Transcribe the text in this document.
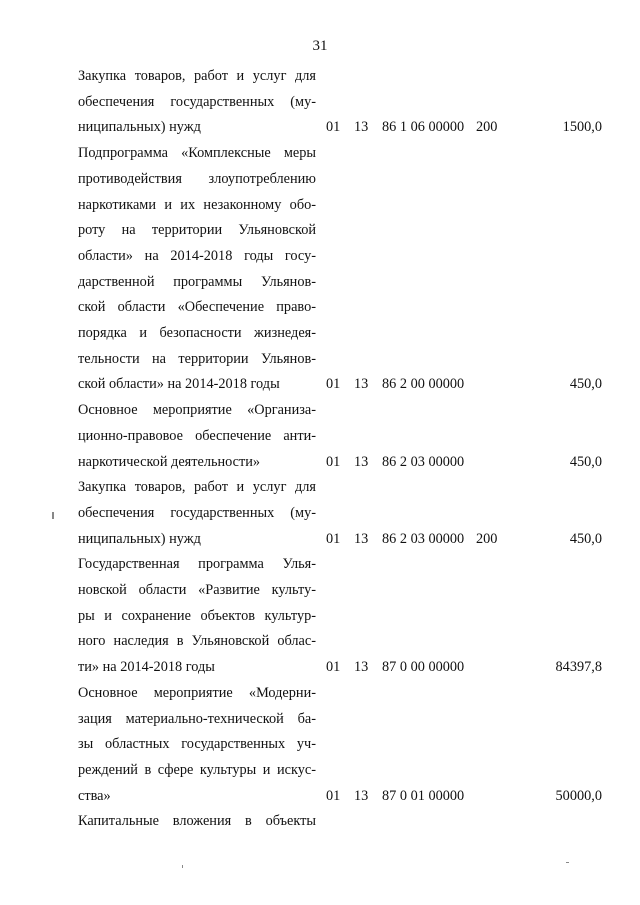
31
Закупка товаров, работ и услуг для
обеспечения государственных (му-
ниципальных) нужд	01 13 86 1 06 00000 200	1500,0
Подпрограмма «Комплексные меры
противодействия злоупотреблению
наркотиками и их незаконному обо-
роту на территории Ульяновской
области» на 2014-2018 годы госу-
дарственной программы Ульянов-
ской области «Обеспечение право-
порядка и безопасности жизнедея-
тельности на территории Ульянов-
ской области» на 2014-2018 годы	01 13 86 2 00 00000	450,0
Основное мероприятие «Организа-
ционно-правовое обеспечение анти-
наркотической деятельности»	01 13 86 2 03 00000	450,0
Закупка товаров, работ и услуг для
обеспечения государственных (му-
ниципальных) нужд	01 13 86 2 03 00000 200	450,0
Государственная программа Улья-
новской области «Развитие культу-
ры и сохранение объектов культур-
ного наследия в Ульяновской облас-
ти» на 2014-2018 годы	01 13 87 0 00 00000	84397,8
Основное мероприятие «Модерни-
зация материально-технической ба-
зы областных государственных уч-
реждений в сфере культуры и искус-
ства»	01 13 87 0 01 00000	50000,0
Капитальные вложения в объекты
